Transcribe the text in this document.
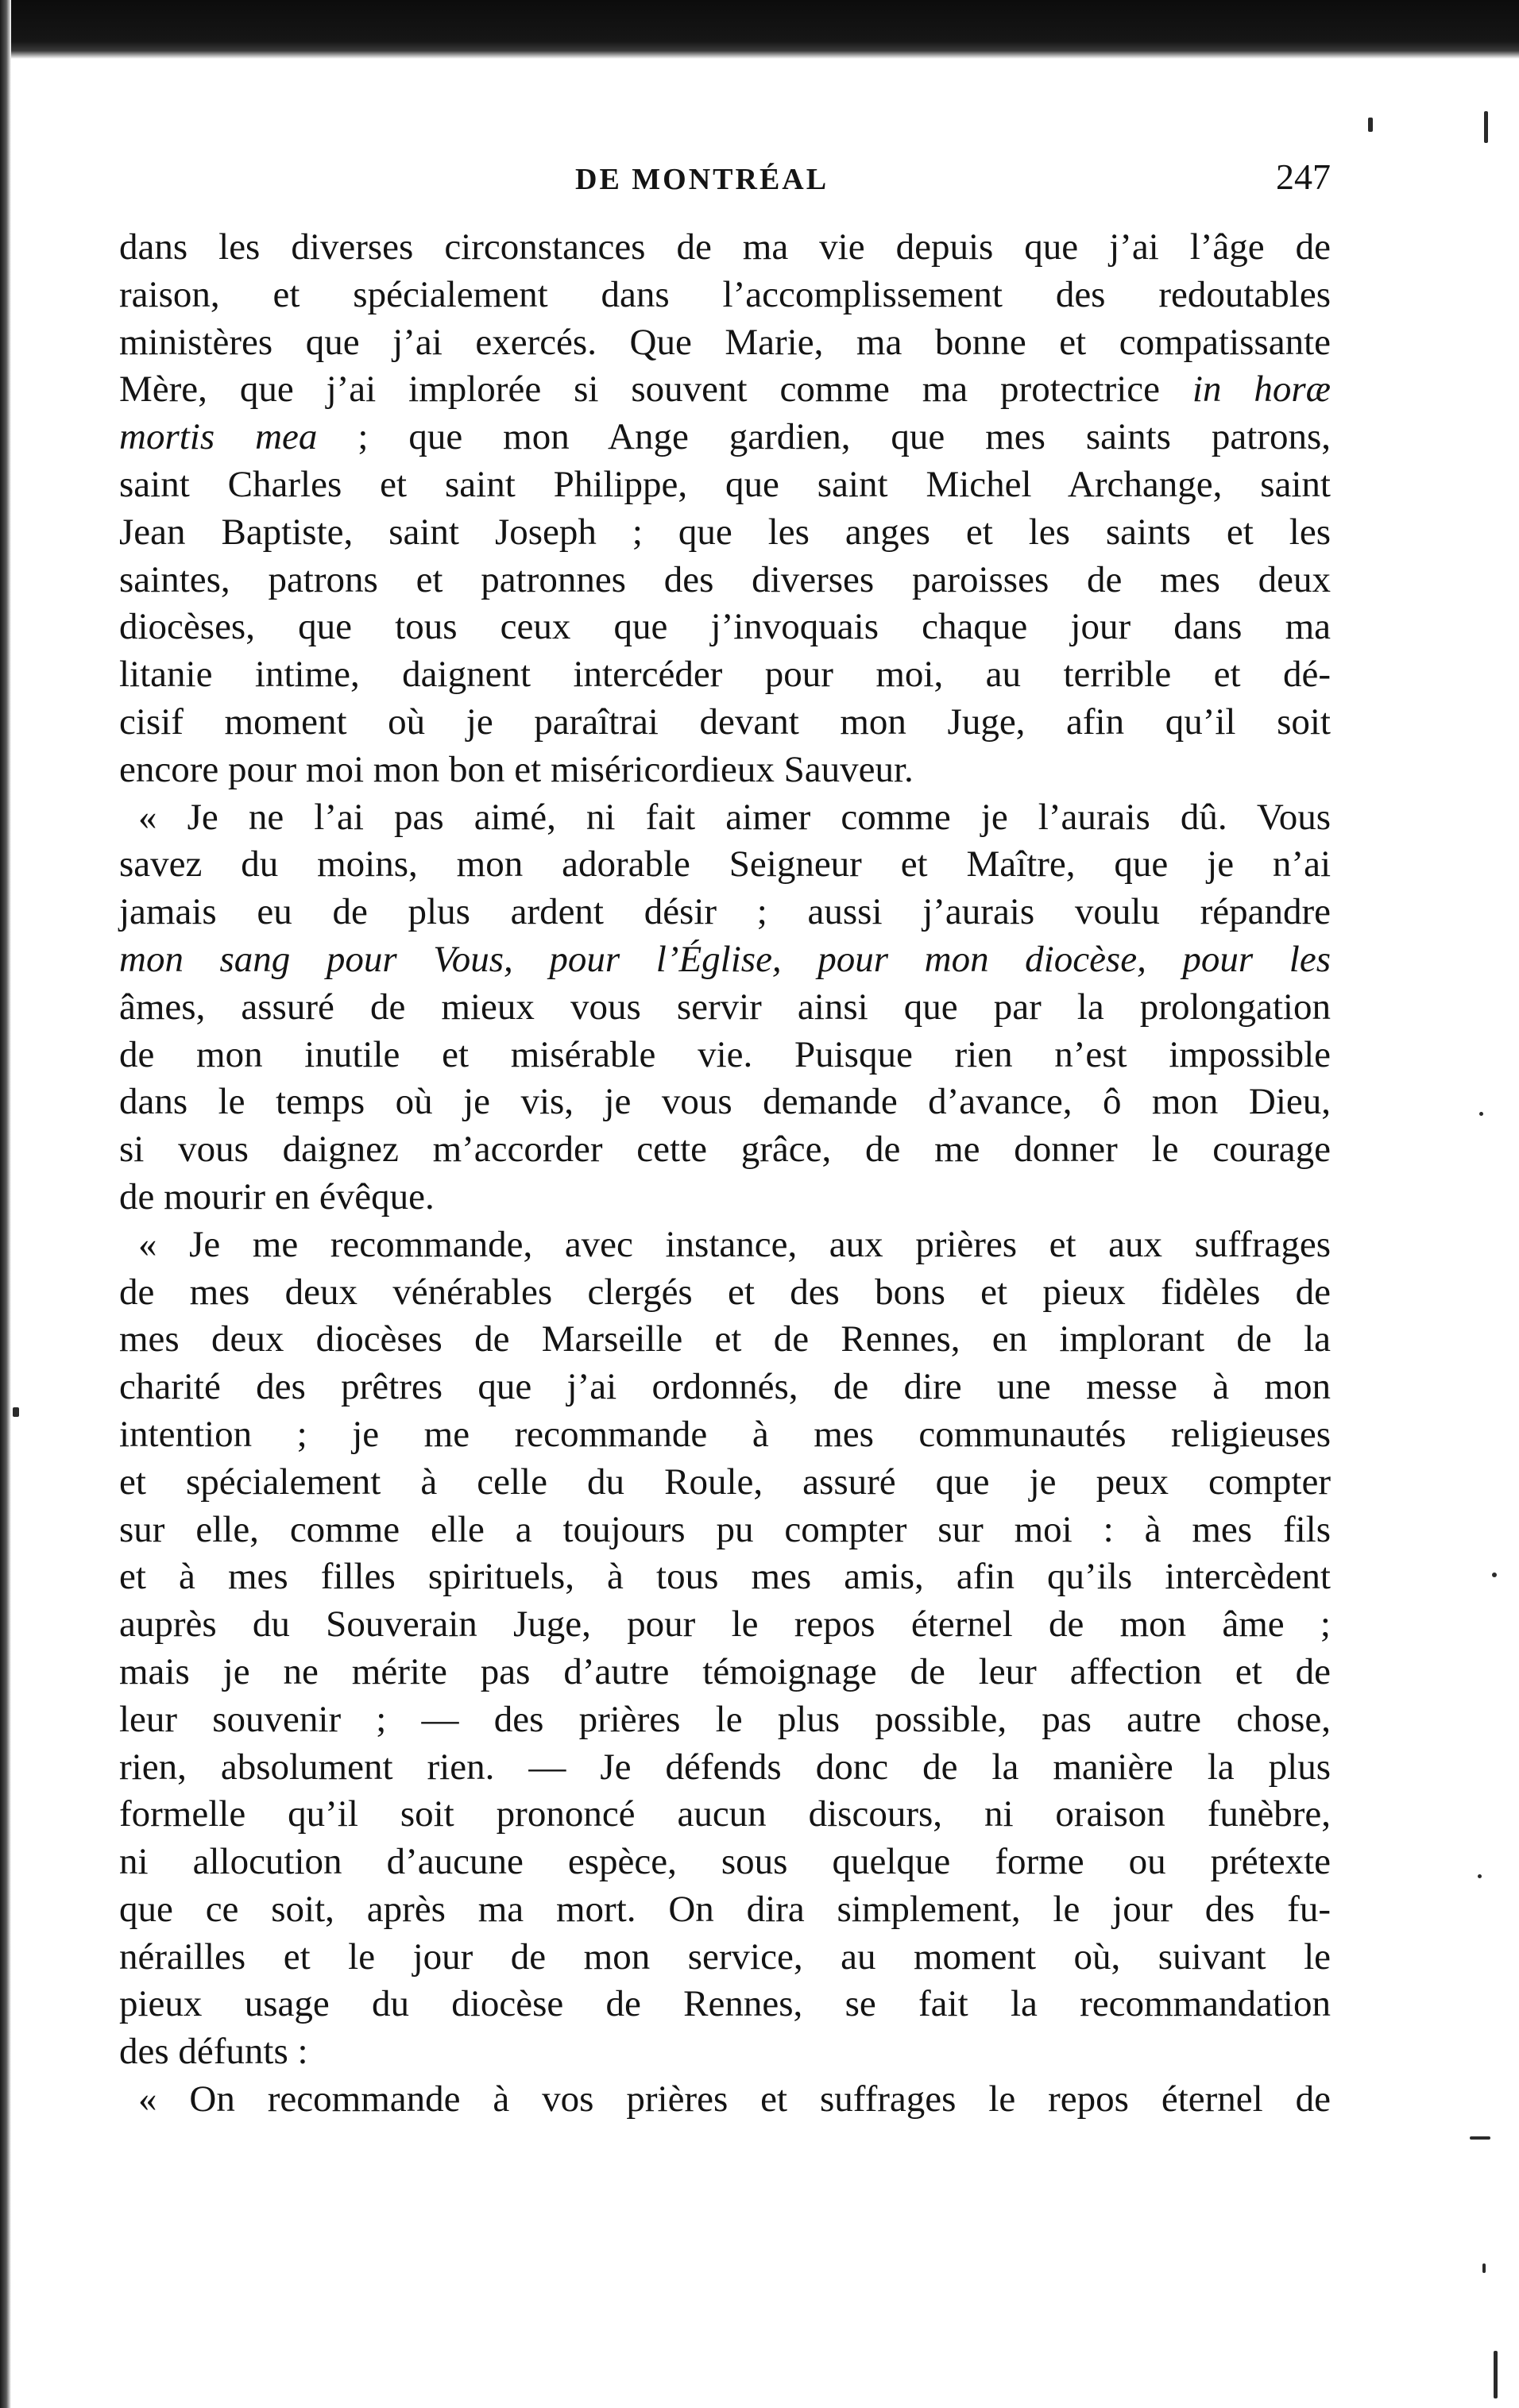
DE MONTRÉAL	247
dans les diverses circonstances de ma vie depuis que j’ai l’âge de
raison, et spécialement dans l’accomplissement des redoutables
ministères que j’ai exercés. Que Marie, ma bonne et compatissante
Mère, que j’ai implorée si souvent comme ma protectrice in horæ
mortis mea ; que mon Ange gardien, que mes saints patrons,
saint Charles et saint Philippe, que saint Michel Archange, saint
Jean Baptiste, saint Joseph ; que les anges et les saints et les
saintes, patrons et patronnes des diverses paroisses de mes deux
diocèses, que tous ceux que j’invoquais chaque jour dans ma
litanie intime, daignent intercéder pour moi, au terrible et dé-
cisif moment où je paraîtrai devant mon Juge, afin qu’il soit
encore pour moi mon bon et miséricordieux Sauveur.
« Je ne l’ai pas aimé, ni fait aimer comme je l’aurais dû. Vous
savez du moins, mon adorable Seigneur et Maître, que je n’ai
jamais eu de plus ardent désir ; aussi j’aurais voulu répandre
mon sang pour Vous, pour l’Église, pour mon diocèse, pour les
âmes, assuré de mieux vous servir ainsi que par la prolongation
de mon inutile et misérable vie. Puisque rien n’est impossible
dans le temps où je vis, je vous demande d’avance, ô mon Dieu,
si vous daignez m’accorder cette grâce, de me donner le courage
de mourir en évêque.
« Je me recommande, avec instance, aux prières et aux suffrages
de mes deux vénérables clergés et des bons et pieux fidèles de
mes deux diocèses de Marseille et de Rennes, en implorant de la
charité des prêtres que j’ai ordonnés, de dire une messe à mon
intention ; je me recommande à mes communautés religieuses
et spécialement à celle du Roule, assuré que je peux compter
sur elle, comme elle a toujours pu compter sur moi : à mes fils
et à mes filles spirituels, à tous mes amis, afin qu’ils intercèdent
auprès du Souverain Juge, pour le repos éternel de mon âme ;
mais je ne mérite pas d’autre témoignage de leur affection et de
leur souvenir ; — des prières le plus possible, pas autre chose,
rien, absolument rien. — Je défends donc de la manière la plus
formelle qu’il soit prononcé aucun discours, ni oraison funèbre,
ni allocution d’aucune espèce, sous quelque forme ou prétexte
que ce soit, après ma mort. On dira simplement, le jour des fu-
nérailles et le jour de mon service, au moment où, suivant le
pieux usage du diocèse de Rennes, se fait la recommandation
des défunts :
« On recommande à vos prières et suffrages le repos éternel de
